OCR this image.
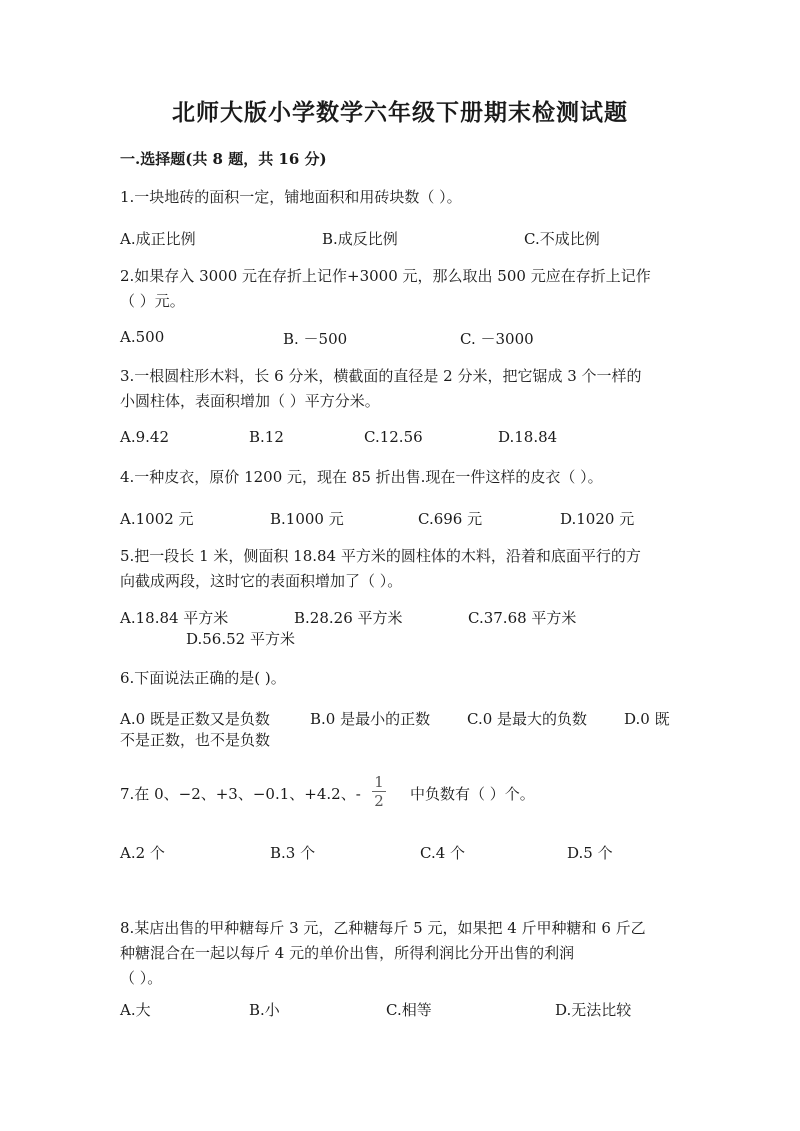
北师大版小学数学六年级下册期末检测试题
一.选择题(共 8 题，共 16 分)
1.一块地砖的面积一定，铺地面积和用砖块数（ ）。
A.成正比例	B.成反比例	C.不成比例
2.如果存入 3000 元在存折上记作+3000 元，那么取出 500 元应在存折上记作
（ ）元。
A.500	B. －500	C. －3000
3.一根圆柱形木料，长 6 分米，横截面的直径是 2 分米，把它锯成 3 个一样的
小圆柱体，表面积增加（ ）平方分米。
A.9.42	B.12	C.12.56	D.18.84
4.一种皮衣，原价 1200 元，现在 85 折出售.现在一件这样的皮衣（ ）。
A.1002 元	B.1000 元	C.696 元	D.1020 元
5.把一段长 1 米，侧面积 18.84 平方米的圆柱体的木料，沿着和底面平行的方
向截成两段，这时它的表面积增加了（ ）。
A.18.84 平方米	B.28.26 平方米	C.37.68 平方米
D.56.52 平方米
6.下面说法正确的是( )。
A.0 既是正数又是负数	B.0 是最小的正数 C.0 是最大的负数 D.0 既
不是正数，也不是负数
7.在 0、−2、+3、−0.1、+4.2、-
1
2 中负数有（ ）个。
A.2 个	B.3 个	C.4 个	D.5 个
8.某店出售的甲种糖每斤 3 元，乙种糖每斤 5 元，如果把 4 斤甲种糖和 6 斤乙
种糖混合在一起以每斤 4 元的单价出售，所得利润比分开出售的利润
（ ）。
A.大	B.小	C.相等	D.无法比较
